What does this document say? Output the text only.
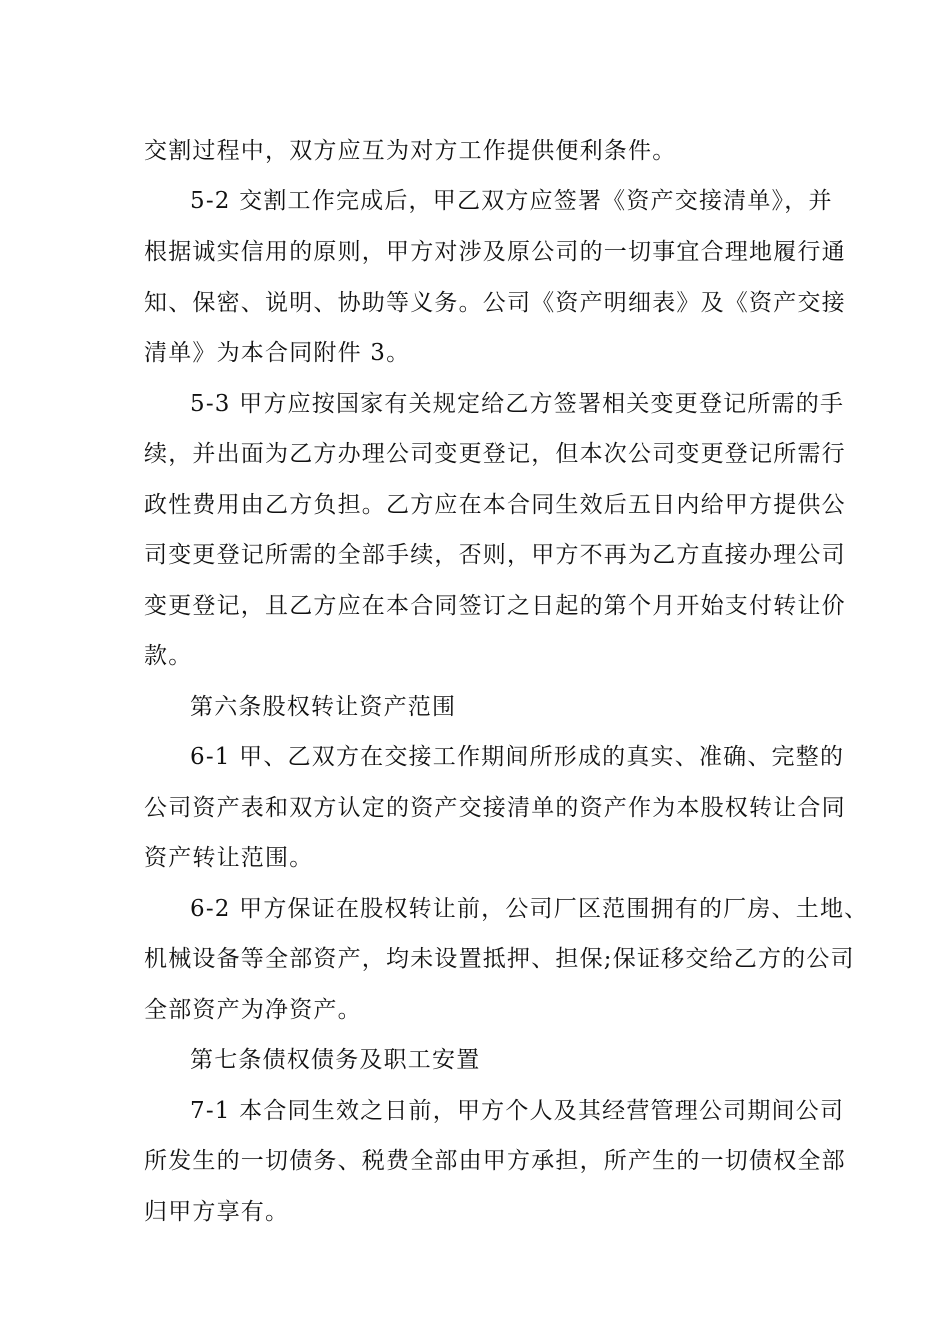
交割过程中，双方应互为对方工作提供便利条件。
5-2 交割工作完成后，甲乙双方应签署《资产交接清单》，并
根据诚实信用的原则，甲方对涉及原公司的一切事宜合理地履行通
知、保密、说明、协助等义务。公司《资产明细表》及《资产交接
清单》为本合同附件 3。
5-3 甲方应按国家有关规定给乙方签署相关变更登记所需的手
续，并出面为乙方办理公司变更登记，但本次公司变更登记所需行
政性费用由乙方负担。乙方应在本合同生效后五日内给甲方提供公
司变更登记所需的全部手续，否则，甲方不再为乙方直接办理公司
变更登记，且乙方应在本合同签订之日起的第个月开始支付转让价
款。
第六条股权转让资产范围
6-1 甲、乙双方在交接工作期间所形成的真实、准确、完整的
公司资产表和双方认定的资产交接清单的资产作为本股权转让合同
资产转让范围。
6-2 甲方保证在股权转让前，公司厂区范围拥有的厂房、土地、
机械设备等全部资产，均未设置抵押、担保;保证移交给乙方的公司
全部资产为净资产。
第七条债权债务及职工安置
7-1 本合同生效之日前，甲方个人及其经营管理公司期间公司
所发生的一切债务、税费全部由甲方承担，所产生的一切债权全部
归甲方享有。
